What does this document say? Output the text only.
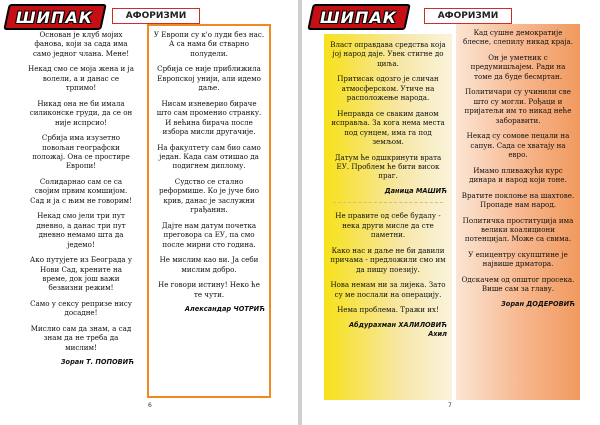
ШИПАК	АФОРИЗМИ

Основан је клуб мојих фанова, који за сада има само једног члана. Мене!

Некад смо се моја жена и ја волели, а и данас се трпимо!

Никад она не би имала силиконске груди, да се он није испрсио!

Србија има изузетно повољан географски положај. Она се простире Европи!

Солидарнао сам се са својим првим комшијом. Сад и ја с њим не говорим!

Некад смо јели три пут дневно, а данас три пут дневно немамо шта да једемо!

Ако путујете из Београда у Нови Сад, крените на време, док још важи безвизни режим!

Само у сексу репризе нису досадне!

Мислио сам да знам, а сад знам да не треба да мислим!

Зоран Т. ПОПОВИЋ

У Европи су к'о луди без нас. А са нама би стварно полудели.

Србија се није приближила Европској унији, али идемо даље.

Нисам изневерио бираче што сам променио странку. И већина бирача после избора мисли другачије.

На факултету сам био само један. Када сам отишао да подигнем диплому.

Судство се стално реформише. Ко је јуче био крив, данас је заслужни грађанин.

Дајте нам датум почетка преговора са ЕУ, па смо после мирни сто година.

Не мислим као ви. Ја себи мислим добро.

Не говори истину! Неко ће те чути.

Александар ЧОТРИЋ
6
ШИПАК	АФОРИЗМИ

Власт оправдава средства која јој народ даје. Увек стигне до циља.

Притисак одозго је сличан атмосферском. Утиче на расположење народа.

Неправда се сваким даном исправља. За кога нема места под сунцем, има га под земљом.

Датум ће одшкринути врата ЕУ. Проблем ће бити висок праг.

Даница МАШИЋ

Не правите од себе будалу - нека други мисле да сте паметни.

Како нас и даље не би давили причама - предложили смо им да пишу поезију.

Нова немам ни за лијека. Зато су ме послали на операцију.

Нема проблема. Тражи их!

Абдурахман ХАЛИЛОВИЋ Ахил

Кад сушне демократије блесне, слепилу никад краја.

Он је уметник с предумишљајем. Ради на томе да буде бесмртан.

Политичари су учинили све што су могли. Рођаци и пријатељи им то никад неће заборавити.

Некад су сомове пецали на сапун. Сада се хватају на евро.

Имамо пливажући курс динара и народ који тоне.

Вратите поклоње на шахтове. Пропаде нам народ.

Политичка проституција има велики коалициони потенцијал. Може са свима.

У епицентру скупштине је највише дрматора.

Одскачем од општог просека. Више сам за главу.

Зоран ДОДЕРОВИЋ
7
